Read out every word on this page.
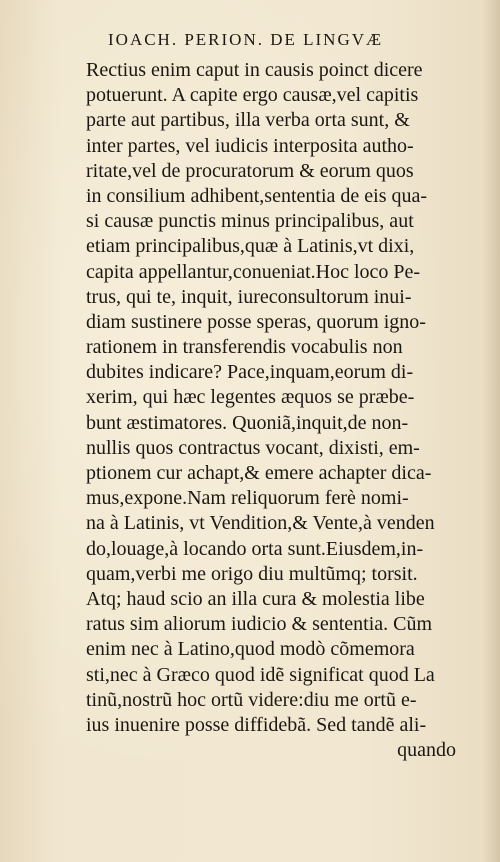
IOACH. PERION. DE LINGVÆ
Rectius enim caput in causis poinct dicere
potuerunt. A capite ergo causæ,vel capitis
parte aut partibus, illa verba orta sunt, &
inter partes, vel iudicis interposita autho-
ritate,vel de procuratorum & eorum quos
in consilium adhibent,sententia de eis qua-
si causæ punctis minus principalibus, aut
etiam principalibus,quæ à Latinis,vt dixi,
capita appellantur,conueniat.Hoc loco Pe-
trus, qui te, inquit, iureconsultorum inui-
diam sustinere posse speras, quorum igno-
rationem in transferendis vocabulis non
dubites indicare? Pace,inquam,eorum di-
xerim, qui hæc legentes æquos se præbe-
bunt æstimatores. Quoniã,inquit,de non-
nullis quos contractus vocant, dixisti, em-
ptionem cur achapt,& emere achapter dica-
mus,expone.Nam reliquorum ferè nomi-
na à Latinis, vt Vendition,& Vente,à venden
do,louage,à locando orta sunt.Eiusdem,in-
quam,verbi me origo diu multũmq; torsit.
Atq; haud scio an illa cura & molestia libe
ratus sim aliorum iudicio & sententia. Cũm
enim nec à Latino,quod modò cõmemora
sti,nec à Græco quod idẽ significat quod La
tinũ,nostrũ hoc ortũ videre:diu me ortũ e-
ius inuenire posse diffidebã. Sed tandẽ ali-
quando
